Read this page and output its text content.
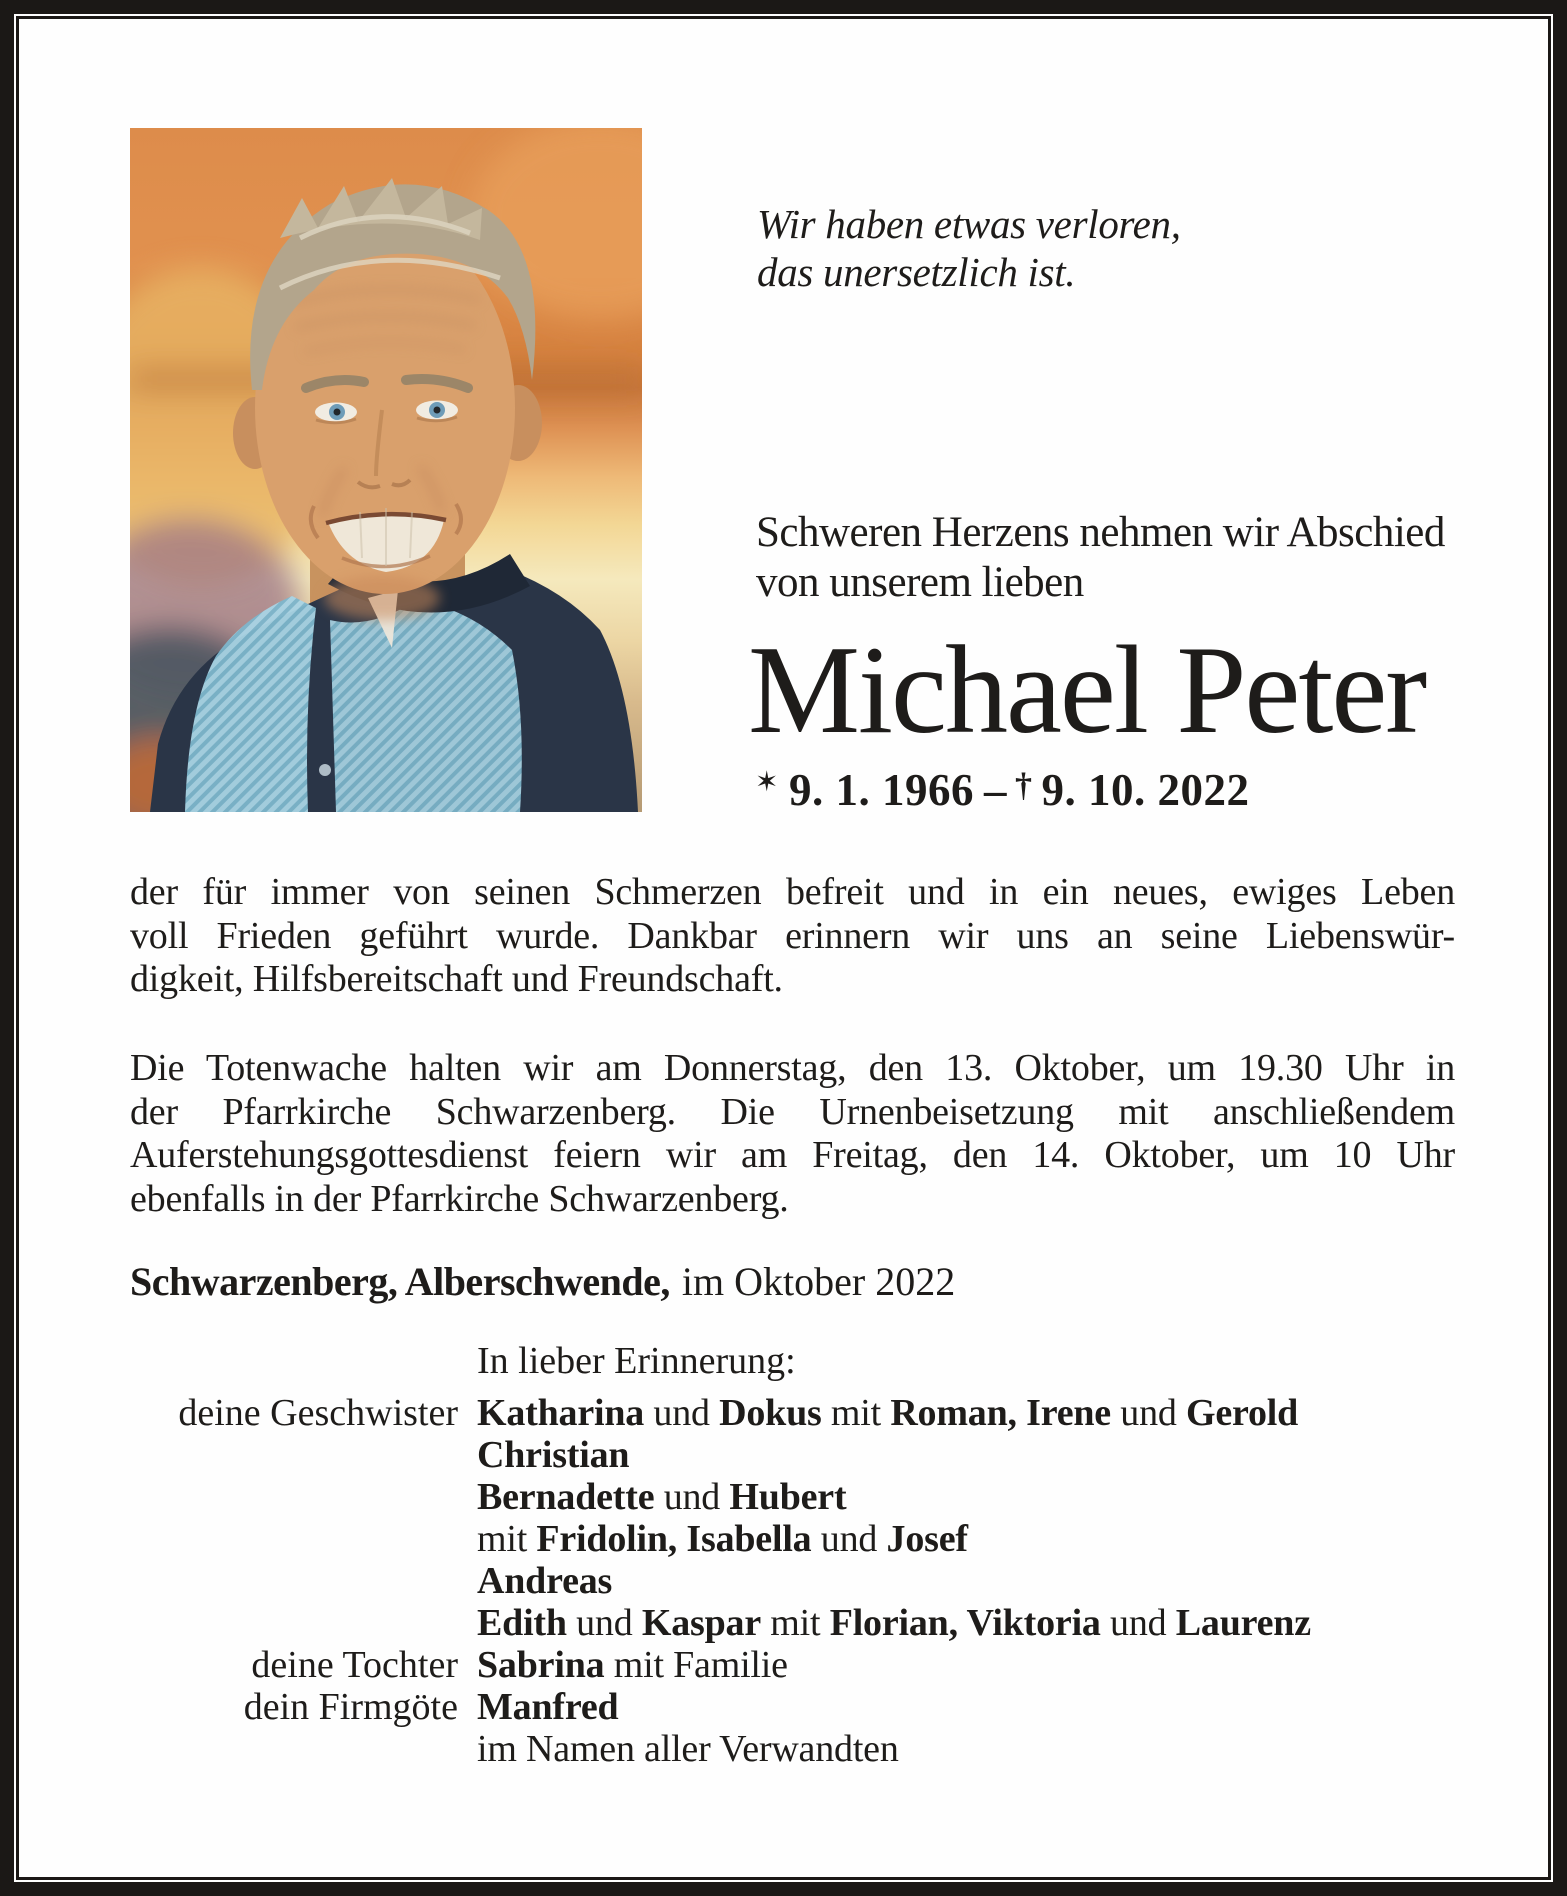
Wir haben etwas verloren,
das unersetzlich ist.
Schweren Herzens nehmen wir Abschied
von unserem lieben
Michael Peter
✶ 9. 1. 1966 – † 9. 10. 2022
der für immer von seinen Schmerzen befreit und in ein neues, ewiges Leben
voll Frieden geführt wurde. Dankbar erinnern wir uns an seine Liebenswür-
digkeit, Hilfsbereitschaft und Freundschaft.
Die Totenwache halten wir am Donnerstag, den 13. Oktober, um 19.30 Uhr in
der Pfarrkirche Schwarzenberg. Die Urnenbeisetzung mit anschließendem
Auferstehungsgottesdienst feiern wir am Freitag, den 14. Oktober, um 10 Uhr
ebenfalls in der Pfarrkirche Schwarzenberg.
Schwarzenberg, Alberschwende, im Oktober 2022
In lieber Erinnerung:
deine Geschwister Katharina und Dokus mit Roman, Irene und Gerold
Christian
Bernadette und Hubert
mit Fridolin, Isabella und Josef
Andreas
Edith und Kaspar mit Florian, Viktoria und Laurenz
deine Tochter Sabrina mit Familie
dein Firmgöte Manfred
im Namen aller Verwandten
